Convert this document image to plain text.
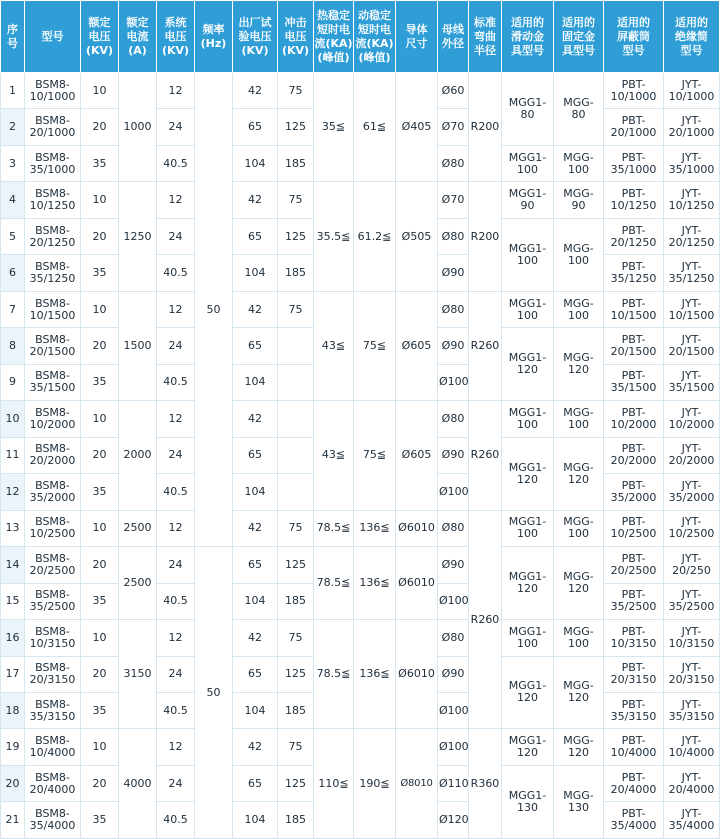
序
号	型号	额定
电压
(KV)	额定
电流
(A)	系统
电压
(KV)	频率
(Hz)	出厂试
验电压
(KV)	冲击
电压
(KV)	热稳定
短时电
流(KA)
(峰值)	动稳定
短时电
流(KA)
(峰值)	导体
尺寸	母线
外径	标准
弯曲
半径	适用的
滑动金
具型号	适用的
固定金
具型号	适用的
屏蔽筒
型号	适用的
绝缘简
型号
1	BSM8-
10/1000	10	1000	12	50	42	75	35≦	61≦	Ø405	Ø60	R200	MGG1-
80	MGG-
80	PBT-
10/1000	JYT-
10/1000
2	BSM8-
20/1000	20		24		65	125				Ø70				PBT-
20/1000	JYT-
20/1000
3	BSM8-
35/1000	35		40.5		104	185				Ø80		MGG1-
100	MGG-
100	PBT-
35/1000	JYT-
35/1000
4	BSM8-
10/1250	10	1250	12		42	75	35.5≦	61.2≦	Ø505	Ø70	R200	MGG1-
90	MGG-
90	PBT-
10/1250	JYT-
10/1250
5	BSM8-
20/1250	20		24		65	125				Ø80		MGG1-
100	MGG-
100	PBT-
20/1250	JYT-
20/1250
6	BSM8-
35/1250	35		40.5		104	185				Ø90				PBT-
35/1250	JYT-
35/1250
7	BSM8-
10/1500	10	1500	12		42	75	43≦	75≦	Ø605	Ø80	R260	MGG1-
100	MGG-
100	PBT-
10/1500	JYT-
10/1500
8	BSM8-
20/1500	20		24		65					Ø90		MGG1-
120	MGG-
120	PBT-
20/1500	JYT-
20/1500
9	BSM8-
35/1500	35		40.5		104					Ø100				PBT-
35/1500	JYT-
35/1500
10	BSM8-
10/2000	10	2000	12		42		43≦	75≦	Ø605	Ø80	R260	MGG1-
100	MGG-
100	PBT-
10/2000	JYT-
10/2000
11	BSM8-
20/2000	20		24		65					Ø90		MGG1-
120	MGG-
120	PBT-
20/2000	JYT-
20/2000
12	BSM8-
35/2000	35		40.5		104					Ø100				PBT-
35/2000	JYT-
35/2000
13	BSM8-
10/2500	10	2500	12		42	75	78.5≦	136≦	Ø6010	Ø80	R260	MGG1-
100	MGG-
100	PBT-
10/2500	JYT-
10/2500
14	BSM8-
20/2500	20	2500	24	50	65	125	78.5≦	136≦	Ø6010	Ø90		MGG1-
120	MGG-
120	PBT-
20/2500	JYT-
20/250
15	BSM8-
35/2500	35		40.5		104	185				Ø100				PBT-
35/2500	JYT-
35/2500
16	BSM8-
10/3150	10	3150	12		42	75	78.5≦	136≦	Ø6010	Ø80		MGG1-
100	MGG-
100	PBT-
10/3150	JYT-
10/3150
17	BSM8-
20/3150	20		24		65	125				Ø90		MGG1-
120	MGG-
120	PBT-
20/3150	JYT-
20/3150
18	BSM8-
35/3150	35		40.5		104	185				Ø100				PBT-
35/3150	JYT-
35/3150
19	BSM8-
10/4000	10	4000	12		42	75	110≦	190≦	Ø8010	Ø100	R360	MGG1-
120	MGG-
120	PBT-
10/4000	JYT-
10/4000
20	BSM8-
20/4000	20		24		65	125				Ø110		MGG1-
130	MGG-
130	PBT-
20/4000	JYT-
20/4000
21	BSM8-
35/4000	35		40.5		104	185				Ø120				PBT-
35/4000	JYT-
35/4000
